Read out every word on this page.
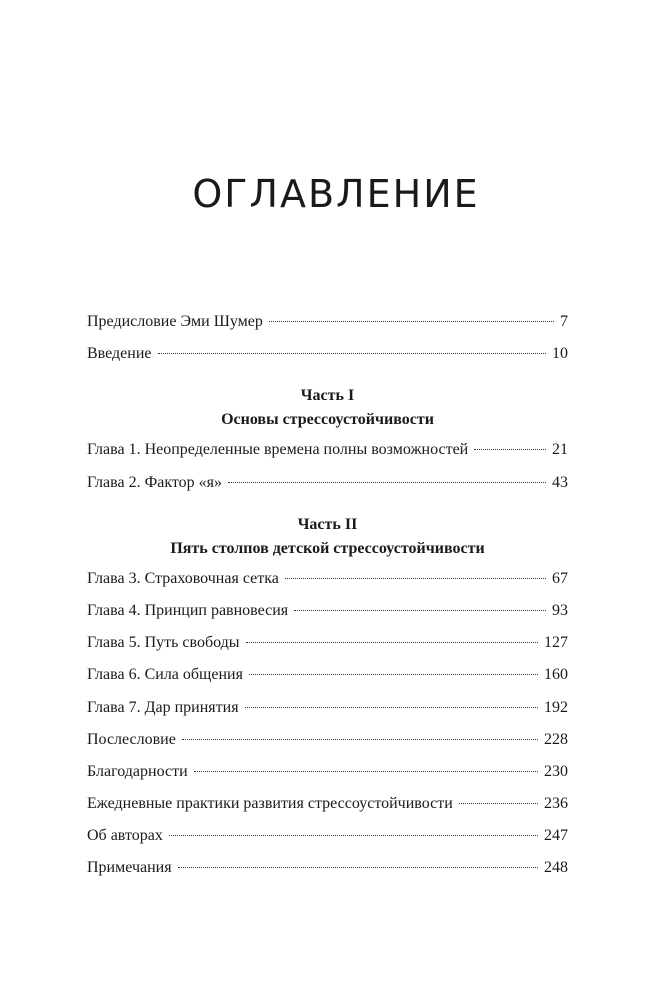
ОГЛАВЛЕНИЕ
Предисловие Эми Шумер	7
Введение	10
Часть I
Основы стрессоустойчивости
Глава 1. Неопределенные времена полны возможностей	21
Глава 2. Фактор «я»	43
Часть II
Пять столпов детской стрессоустойчивости
Глава 3. Страховочная сетка	67
Глава 4. Принцип равновесия	93
Глава 5. Путь свободы	127
Глава 6. Сила общения	160
Глава 7. Дар принятия	192
Послесловие	228
Благодарности	230
Ежедневные практики развития стрессоустойчивости	236
Об авторах	247
Примечания	248
